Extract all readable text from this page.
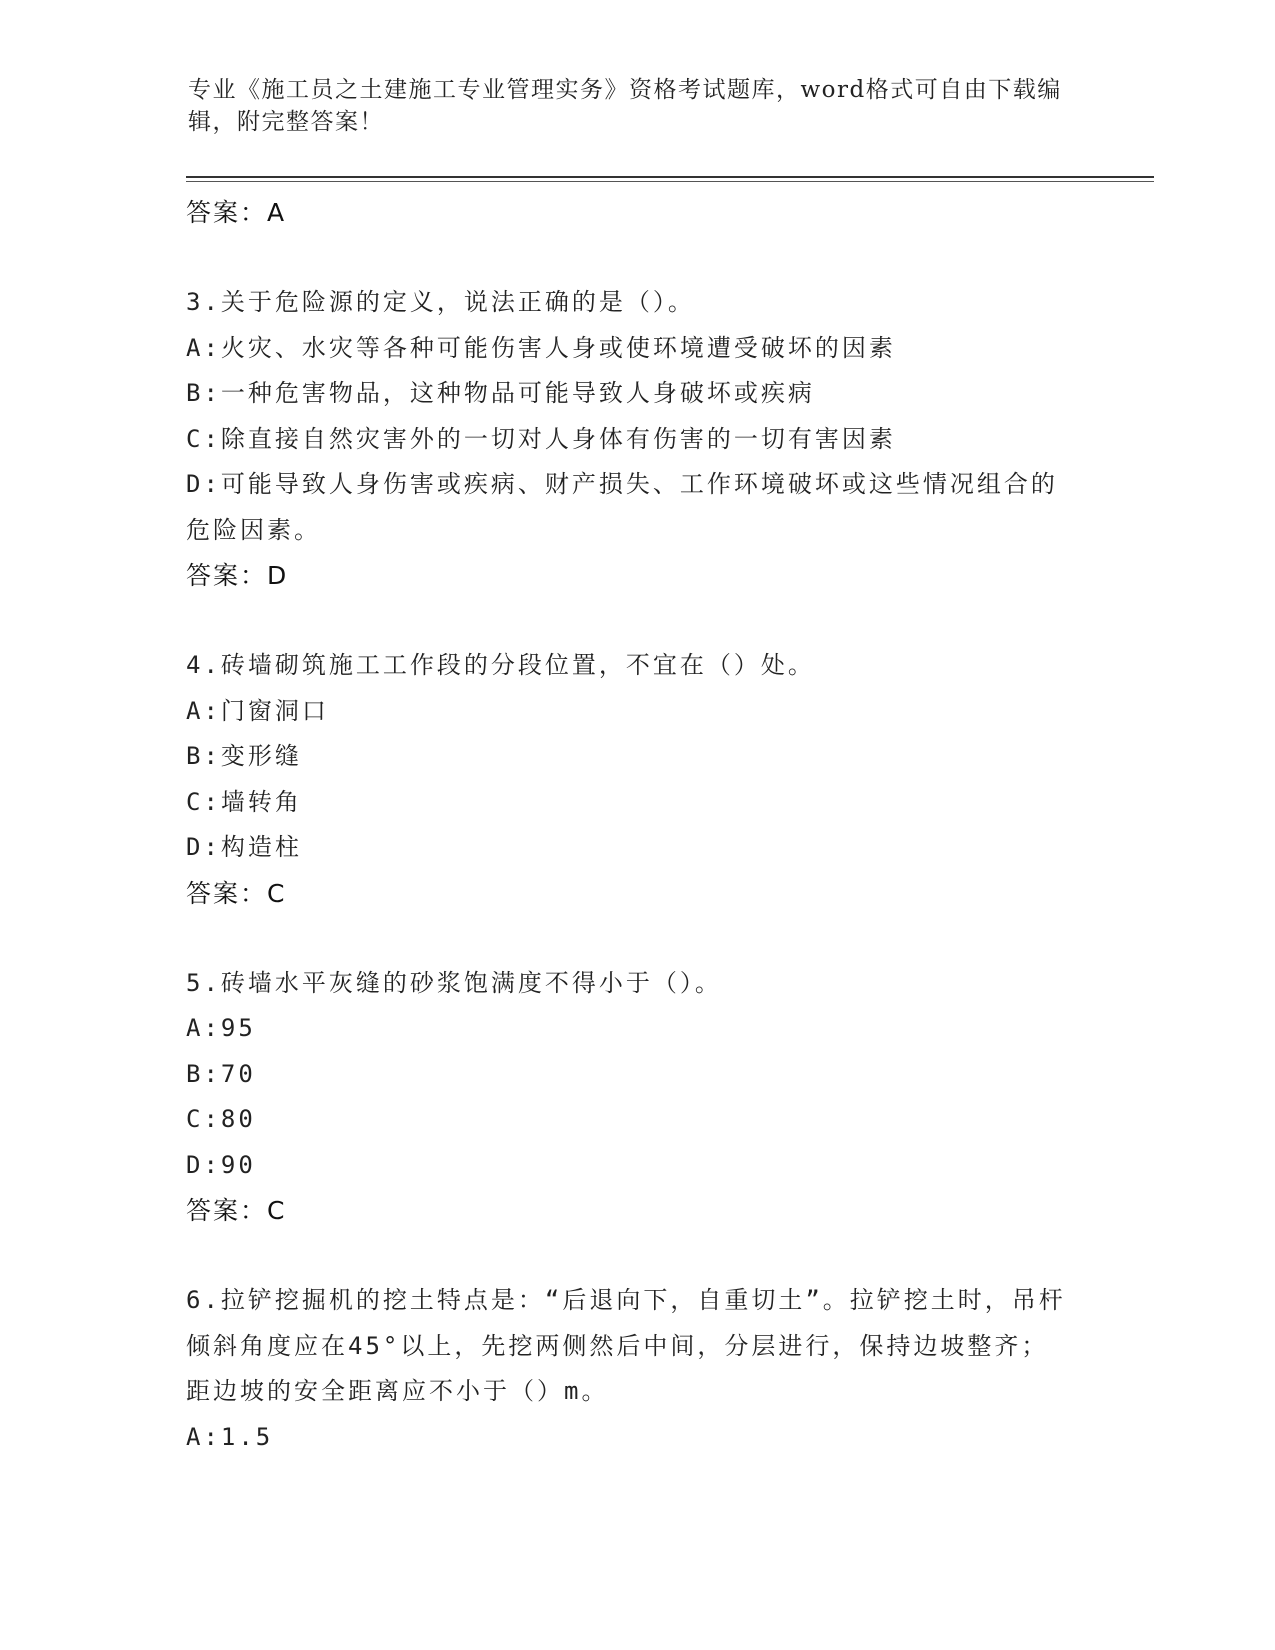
专业《施工员之土建施工专业管理实务》资格考试题库，word格式可自由下载编辑，附完整答案！
答案：A
3.关于危险源的定义，说法正确的是（）。
A:火灾、水灾等各种可能伤害人身或使环境遭受破坏的因素
B:一种危害物品，这种物品可能导致人身破坏或疾病
C:除直接自然灾害外的一切对人身体有伤害的一切有害因素
D:可能导致人身伤害或疾病、财产损失、工作环境破坏或这些情况组合的危险因素。
答案：D
4.砖墙砌筑施工工作段的分段位置，不宜在（）处。
A:门窗洞口
B:变形缝
C:墙转角
D:构造柱
答案：C
5.砖墙水平灰缝的砂浆饱满度不得小于（）。
A:95
B:70
C:80
D:90
答案：C
6.拉铲挖掘机的挖土特点是：“后退向下，自重切土”。拉铲挖土时，吊杆倾斜角度应在45°以上，先挖两侧然后中间，分层进行，保持边坡整齐；距边坡的安全距离应不小于（）m。
A:1.5
